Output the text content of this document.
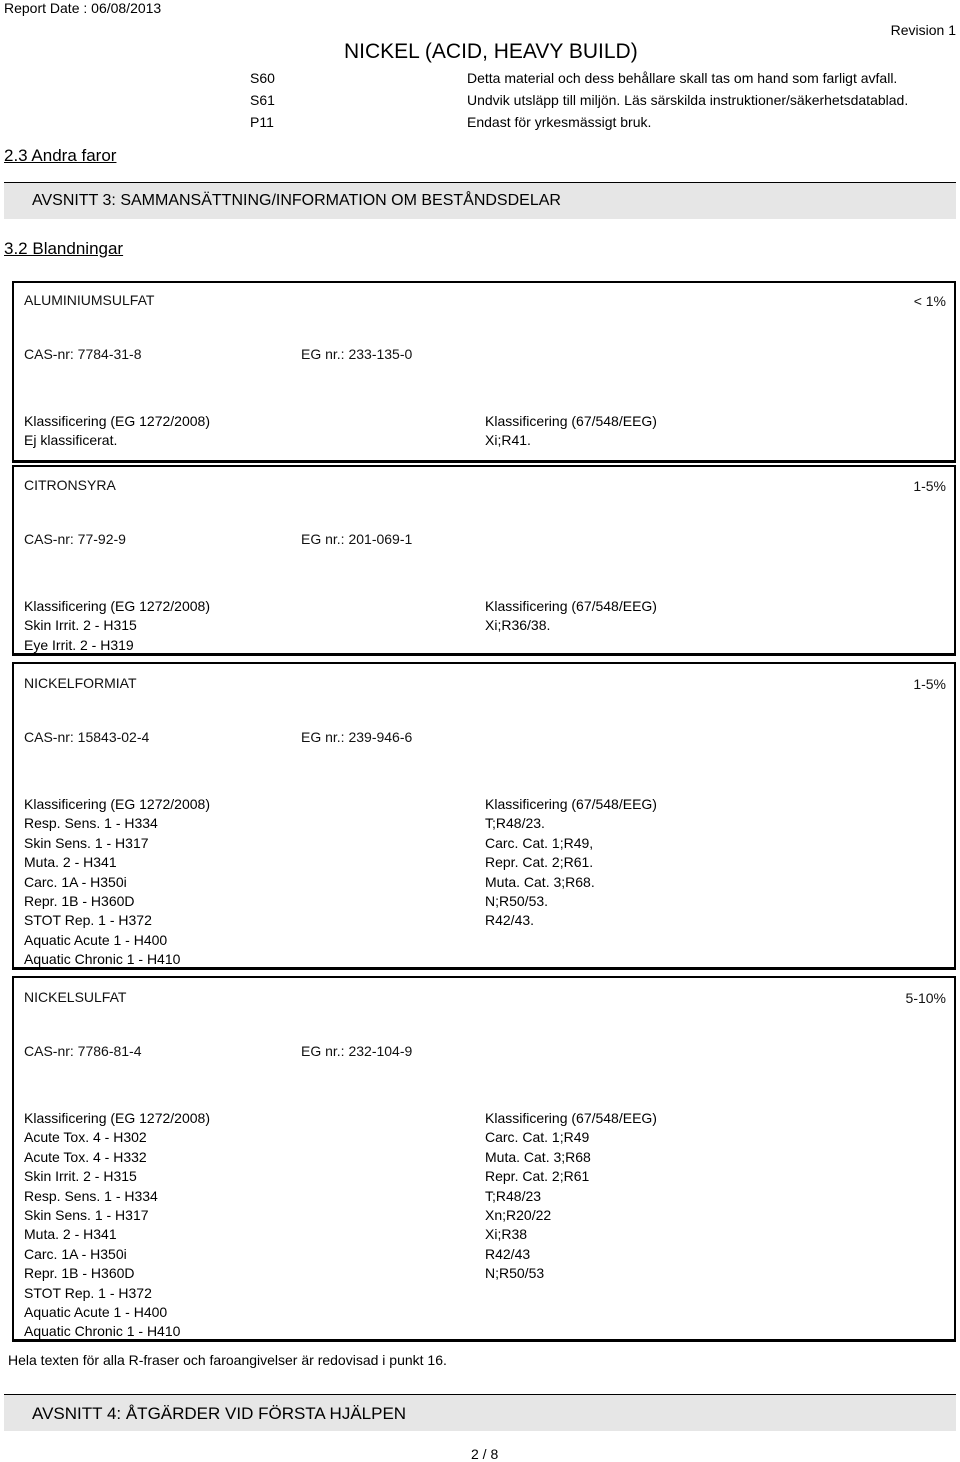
Report Date : 06/08/2013
Revision 1
NICKEL (ACID, HEAVY BUILD)
S60	Detta material och dess behållare skall tas om hand som farligt avfall.
S61	Undvik utsläpp till miljön. Läs särskilda instruktioner/säkerhetsdatablad.
P11	Endast för yrkesmässigt bruk.
2.3 Andra faror
AVSNITT 3: SAMMANSÄTTNING/INFORMATION OM BESTÅNDSDELAR
3.2 Blandningar
ALUMINIUMSULFAT	< 1%
CAS-nr: 7784-31-8	EG nr.: 233-135-0
Klassificering (EG 1272/2008)
Ej klassificerat.
Klassificering (67/548/EEG)
Xi;R41.
CITRONSYRA	1-5%
CAS-nr: 77-92-9	EG nr.: 201-069-1
Klassificering (EG 1272/2008)
Skin Irrit. 2 - H315
Eye Irrit. 2 - H319
Klassificering (67/548/EEG)
Xi;R36/38.
NICKELFORMIAT	1-5%
CAS-nr: 15843-02-4	EG nr.: 239-946-6
Klassificering (EG 1272/2008)
Resp. Sens. 1 - H334
Skin Sens. 1 - H317
Muta. 2 - H341
Carc. 1A - H350i
Repr. 1B - H360D
STOT Rep. 1 - H372
Aquatic Acute 1 - H400
Aquatic Chronic 1 - H410
Klassificering (67/548/EEG)
T;R48/23.
Carc. Cat. 1;R49,
Repr. Cat. 2;R61.
Muta. Cat. 3;R68.
N;R50/53.
R42/43.
NICKELSULFAT	5-10%
CAS-nr: 7786-81-4	EG nr.: 232-104-9
Klassificering (EG 1272/2008)
Acute Tox. 4 - H302
Acute Tox. 4 - H332
Skin Irrit. 2 - H315
Resp. Sens. 1 - H334
Skin Sens. 1 - H317
Muta. 2 - H341
Carc. 1A - H350i
Repr. 1B - H360D
STOT Rep. 1 - H372
Aquatic Acute 1 - H400
Aquatic Chronic 1 - H410
Klassificering (67/548/EEG)
Carc. Cat. 1;R49
Muta. Cat. 3;R68
Repr. Cat. 2;R61
T;R48/23
Xn;R20/22
Xi;R38
R42/43
N;R50/53
Hela texten för alla R-fraser och faroangivelser är redovisad i punkt 16.
AVSNITT 4: ÅTGÄRDER VID FÖRSTA HJÄLPEN
2 / 8
